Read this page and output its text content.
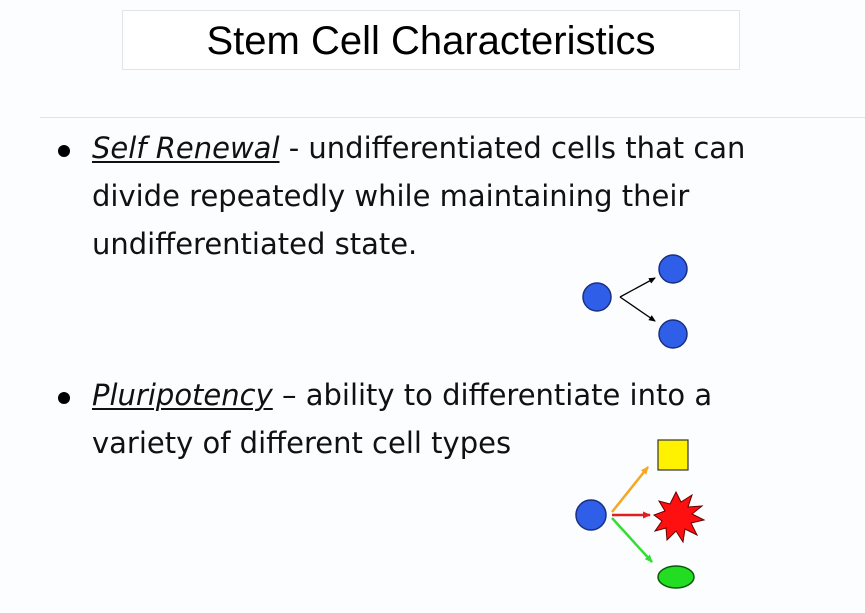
Stem Cell Characteristics
Self Renewal - undifferentiated cells that can
divide repeatedly while maintaining their
undifferentiated state.
Pluripotency – ability to differentiate into a
variety of different cell types
